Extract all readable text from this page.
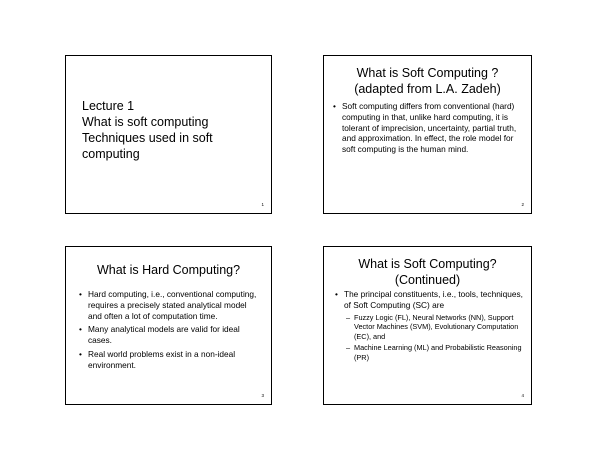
Lecture 1
What is soft computing
Techniques used in soft
computing
1
What is Soft Computing ?
(adapted from L.A. Zadeh)
• Soft computing differs from conventional (hard) computing in that, unlike hard computing, it is tolerant of imprecision, uncertainty, partial truth, and approximation. In effect, the role model for soft computing is the human mind.
2
What is Hard Computing?
• Hard computing, i.e., conventional computing, requires a precisely stated analytical model and often a lot of computation time.
• Many analytical models are valid for ideal cases.
• Real world problems exist in a non-ideal environment.
3
What is Soft Computing?
(Continued)
• The principal constituents, i.e., tools, techniques, of Soft Computing (SC) are
– Fuzzy Logic (FL), Neural Networks (NN), Support Vector Machines (SVM), Evolutionary Computation (EC), and
– Machine Learning (ML) and Probabilistic Reasoning (PR)
4
